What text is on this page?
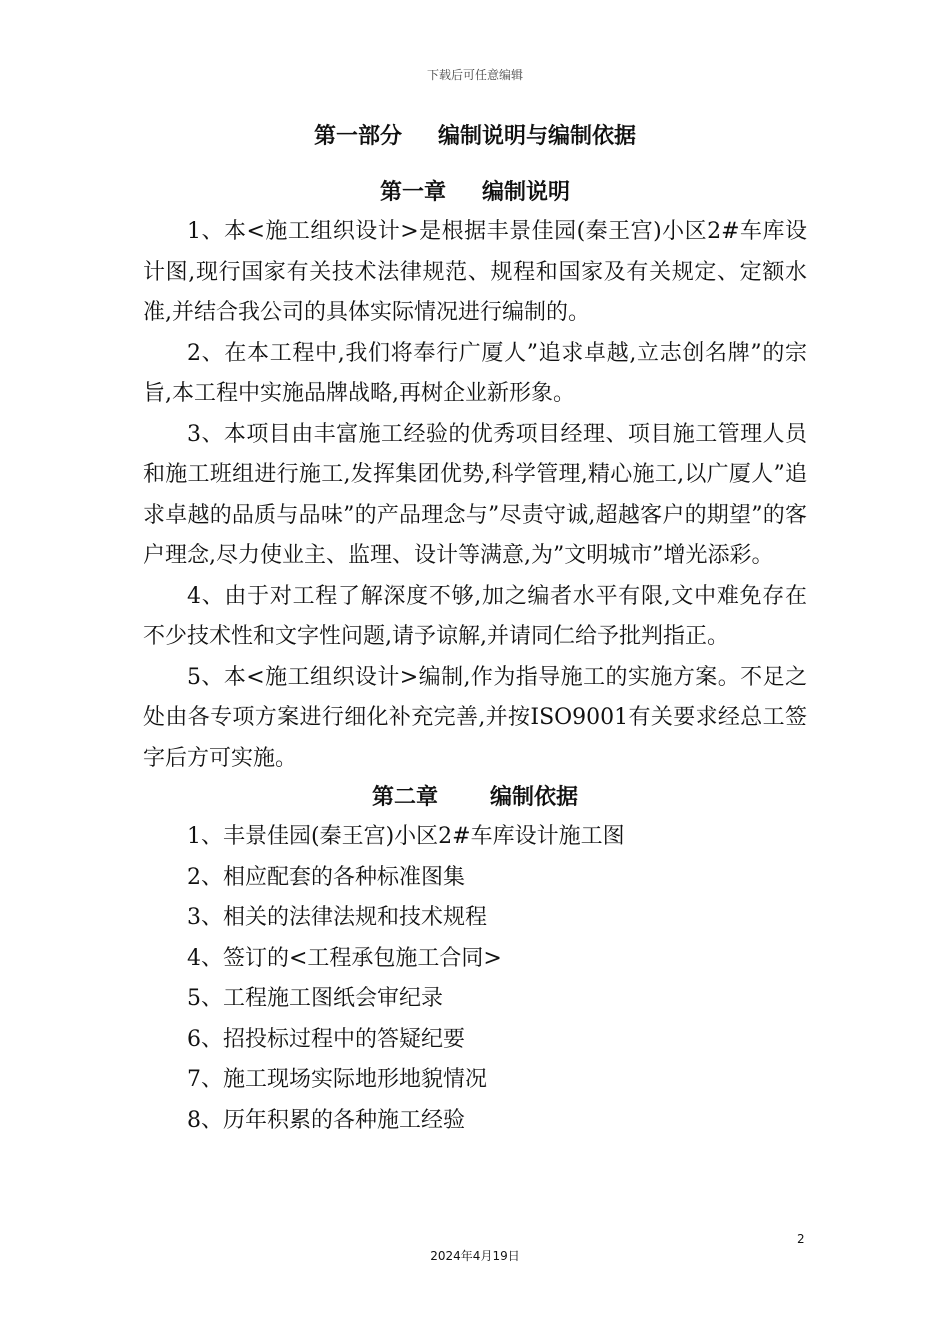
下载后可任意编辑
第一部分 编制说明与编制依据
第一章 编制说明

1、本<施工组织设计>是根据丰景佳园(秦王宫)小区2#车库设计图,现行国家有关技术法律规范、规程和国家及有关规定、定额水准,并结合我公司的具体实际情况进行编制的。

2、在本工程中,我们将奉行广厦人”追求卓越,立志创名牌”的宗旨,本工程中实施品牌战略,再树企业新形象。

3、本项目由丰富施工经验的优秀项目经理、项目施工管理人员和施工班组进行施工,发挥集团优势,科学管理,精心施工,以广厦人”追求卓越的品质与品味”的产品理念与”尽责守诚,超越客户的期望”的客户理念,尽力使业主、监理、设计等满意,为”文明城市”增光添彩。

4、由于对工程了解深度不够,加之编者水平有限,文中难免存在不少技术性和文字性问题,请予谅解,并请同仁给予批判指正。

5、本<施工组织设计>编制,作为指导施工的实施方案。不足之处由各专项方案进行细化补充完善,并按ISO9001有关要求经总工签字后方可实施。

第二章 编制依据
1、丰景佳园(秦王宫)小区2#车库设计施工图
2、相应配套的各种标准图集
3、相关的法律法规和技术规程
4、签订的<工程承包施工合同>
5、工程施工图纸会审纪录
6、招投标过程中的答疑纪要
7、施工现场实际地形地貌情况
8、历年积累的各种施工经验
2
2024年4月19日
